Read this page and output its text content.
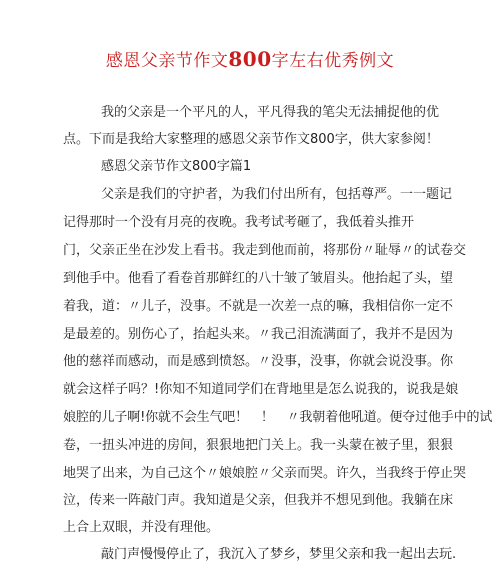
感恩父亲节作文800字左右优秀例文
我的父亲是一个平凡的人，平凡得我的笔尖无法捕捉他的优
点。下而是我给大家整理的感恩父亲节作文800字，供大家参阅！
感恩父亲节作文800字篇1
父亲是我们的守护者，为我们付出所有，包括尊严。一一题记
记得那时一个没有月亮的夜晚。我考试考砸了，我低着头推开
门，父亲正坐在沙发上看书。我走到他而前，将那份〃耻辱〃的试卷交
到他手中。他看了看卷首那鲜红的八十皱了皱眉头。他抬起了头，望
着我，道：〃儿子，没事。不就是一次差一点的嘛，我相信你一定不
是最差的。别伤心了，抬起头来。〃我己泪流满面了，我并不是因为
他的慈祥而感动，而是感到愤怒。〃没事，没事，你就会说没事。你
就会这样子吗？!你知不知道同学们在背地里是怎么说我的，说我是娘
娘腔的儿子啊!你就不会生气吧！　！　〃我朝着他吼道。便夺过他手中的试
卷，一扭头冲进的房间，狠狠地把门关上。我一头蒙在被子里，狠狠
地哭了出来，为自己这个〃娘娘腔〃父亲而哭。许久，当我终于停止哭
泣，传来一阵敲门声。我知道是父亲，但我并不想见到他。我躺在床
上合上双眼，并没有理他。
敲门声慢慢停止了，我沉入了梦乡，梦里父亲和我一起出去玩.
